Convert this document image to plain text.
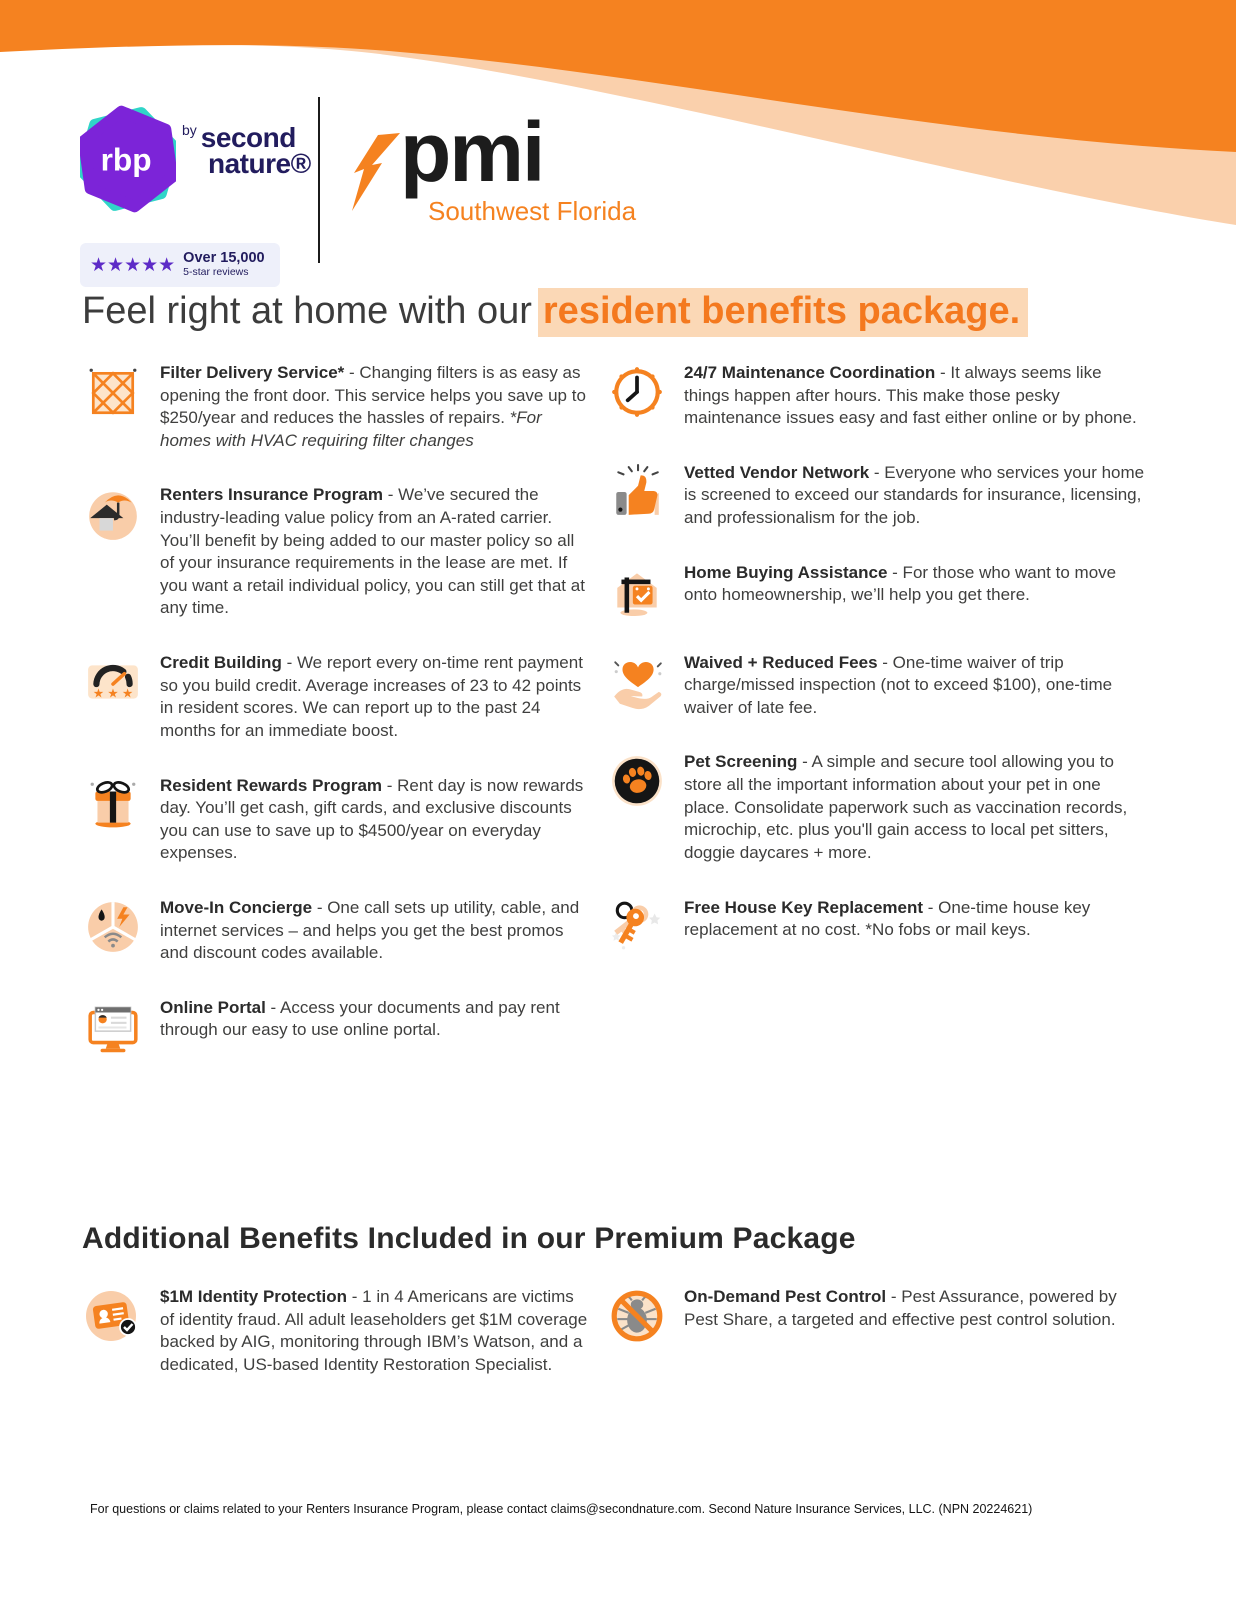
rbp
by second
nature®
★★★★★ Over 15,000
5-star reviews
pmi
Southwest Florida
Feel right at home with our resident benefits package.

Filter Delivery Service* - Changing filters is as easy as opening the front door. This service helps you save up to $250/year and reduces the hassles of repairs. *For homes with HVAC requiring filter changes

Renters Insurance Program - We’ve secured the industry-leading value policy from an A-rated carrier. You’ll benefit by being added to our master policy so all of your insurance requirements in the lease are met. If you want a retail individual policy, you can still get that at any time.

★ ★ ★

Credit Building - We report every on-time rent payment so you build credit. Average increases of 23 to 42 points in resident scores. We can report up to the past 24 months for an immediate boost.

Resident Rewards Program - Rent day is now rewards day. You’ll get cash, gift cards, and exclusive discounts you can use to save up to $4500/year on everyday expenses.

Move-In Concierge - One call sets up utility, cable, and internet services – and helps you get the best promos and discount codes available.

Online Portal - Access your documents and pay rent through our easy to use online portal.

24/7 Maintenance Coordination - It always seems like things happen after hours. This make those pesky maintenance issues easy and fast either online or by phone.

Vetted Vendor Network - Everyone who services your home is screened to exceed our standards for insurance, licensing, and professionalism for the job.

Home Buying Assistance - For those who want to move onto homeownership, we’ll help you get there.

Waived + Reduced Fees - One-time waiver of trip charge/missed inspection (not to exceed $100), one-time waiver of late fee.

Pet Screening - A simple and secure tool allowing you to store all the important information about your pet in one place. Consolidate paperwork such as vaccination records, microchip, etc. plus you'll gain access to local pet sitters, doggie daycares + more.

Free House Key Replacement - One-time house key replacement at no cost. *No fobs or mail keys.

Additional Benefits Included in our Premium Package

$1M Identity Protection - 1 in 4 Americans are victims of identity fraud. All adult leaseholders get $1M coverage backed by AIG, monitoring through IBM’s Watson, and a dedicated, US-based Identity Restoration Specialist.

On-Demand Pest Control - Pest Assurance, powered by Pest Share, a targeted and effective pest control solution.

For questions or claims related to your Renters Insurance Program, please contact claims@secondnature.com. Second Nature Insurance Services, LLC. (NPN 20224621)
